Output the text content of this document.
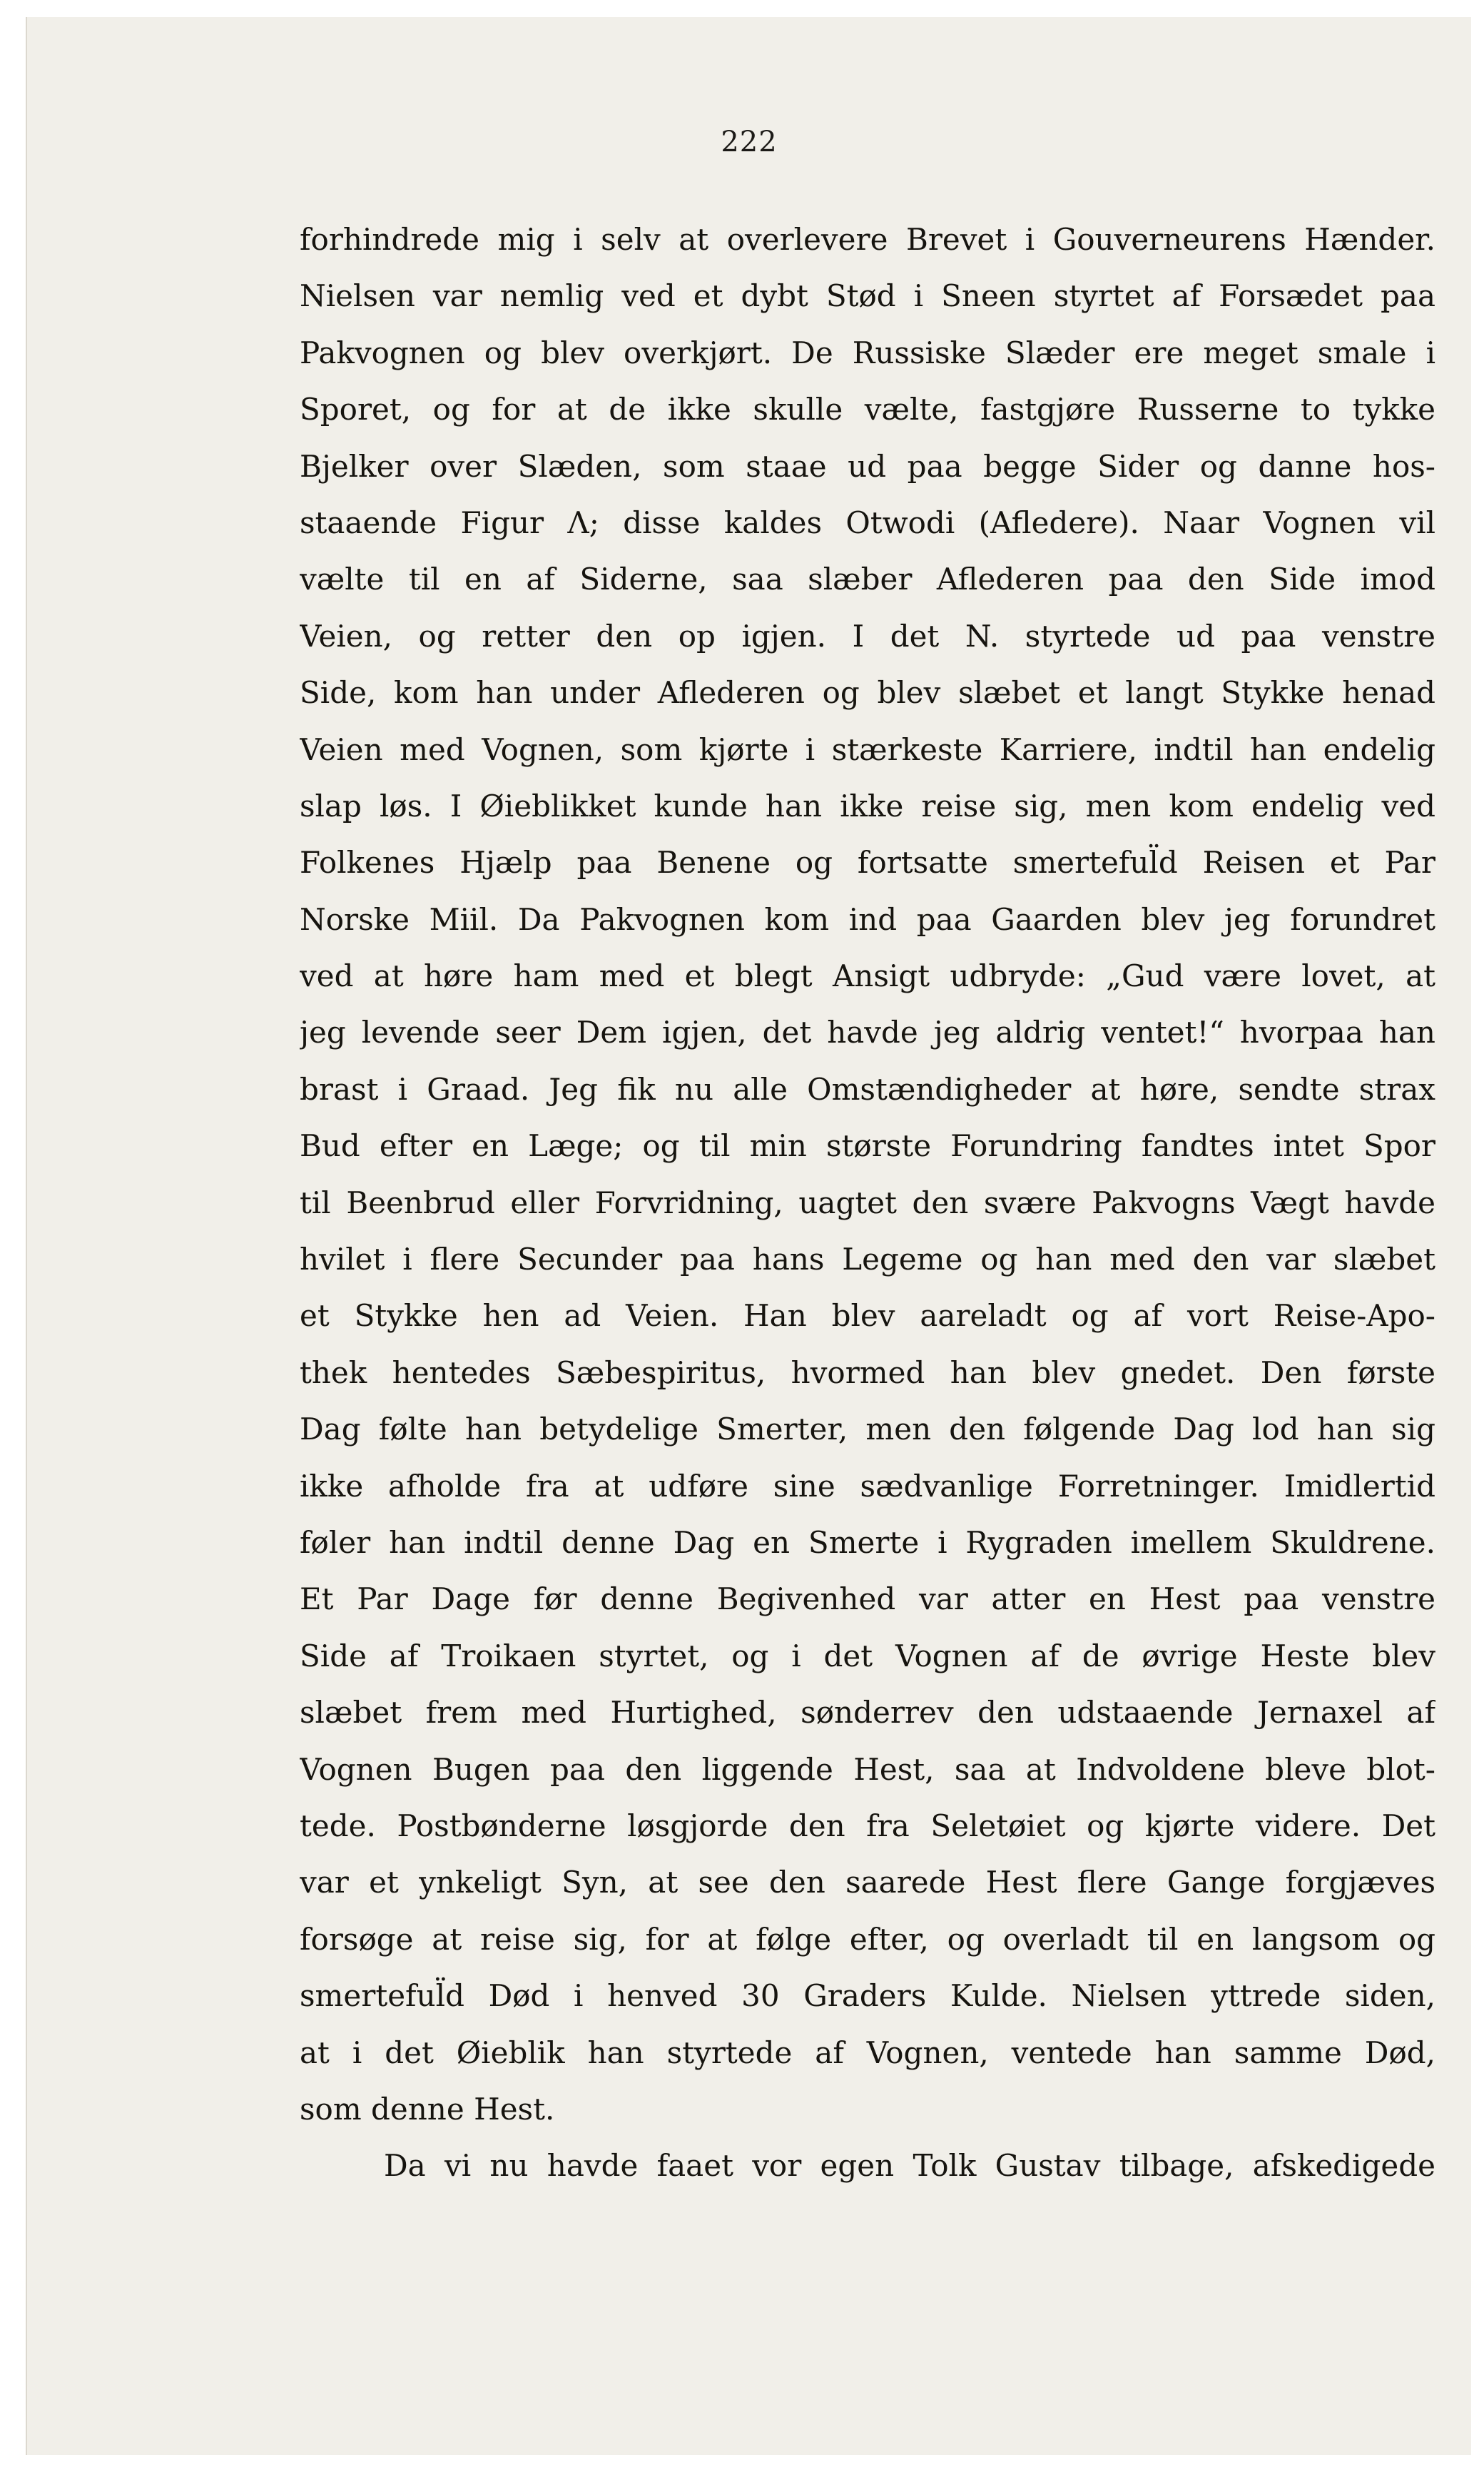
222
forhindrede mig i selv at overlevere Brevet i Gouverneurens Hænder.
Nielsen var nemlig ved et dybt Stød i Sneen styrtet af Forsædet paa
Pakvognen og blev overkjørt. De Russiske Slæder ere meget smale i
Sporet, og for at de ikke skulle vælte, fastgjøre Russerne to tykke
Bjelker over Slæden, som staae ud paa begge Sider og danne hos-
staaende Figur Λ; disse kaldes Otwodi (Afledere). Naar Vognen vil
vælte til en af Siderne, saa slæber Aflederen paa den Side imod
Veien, og retter den op igjen. I det N. styrtede ud paa venstre
Side, kom han under Aflederen og blev slæbet et langt Stykke henad
Veien med Vognen, som kjørte i stærkeste Karriere, indtil han endelig
slap løs. I Øieblikket kunde han ikke reise sig, men kom endelig ved
Folkenes Hjælp paa Benene og fortsatte smerteful̈d Reisen et Par
Norske Miil. Da Pakvognen kom ind paa Gaarden blev jeg forundret
ved at høre ham med et blegt Ansigt udbryde: „Gud være lovet, at
jeg levende seer Dem igjen, det havde jeg aldrig ventet!“ hvorpaa han
brast i Graad. Jeg fik nu alle Omstændigheder at høre, sendte strax
Bud efter en Læge; og til min største Forundring fandtes intet Spor
til Beenbrud eller Forvridning, uagtet den svære Pakvogns Vægt havde
hvilet i flere Secunder paa hans Legeme og han med den var slæbet
et Stykke hen ad Veien. Han blev aareladt og af vort Reise-Apo-
thek hentedes Sæbespiritus, hvormed han blev gnedet. Den første
Dag følte han betydelige Smerter, men den følgende Dag lod han sig
ikke afholde fra at udføre sine sædvanlige Forretninger. Imidlertid
føler han indtil denne Dag en Smerte i Rygraden imellem Skuldrene.
Et Par Dage før denne Begivenhed var atter en Hest paa venstre
Side af Troikaen styrtet, og i det Vognen af de øvrige Heste blev
slæbet frem med Hurtighed, sønderrev den udstaaende Jernaxel af
Vognen Bugen paa den liggende Hest, saa at Indvoldene bleve blot-
tede. Postbønderne løsgjorde den fra Seletøiet og kjørte videre. Det
var et ynkeligt Syn, at see den saarede Hest flere Gange forgjæves
forsøge at reise sig, for at følge efter, og overladt til en langsom og
smerteful̈d Død i henved 30 Graders Kulde. Nielsen yttrede siden,
at i det Øieblik han styrtede af Vognen, ventede han samme Død,
som denne Hest.
Da vi nu havde faaet vor egen Tolk Gustav tilbage, afskedigede
